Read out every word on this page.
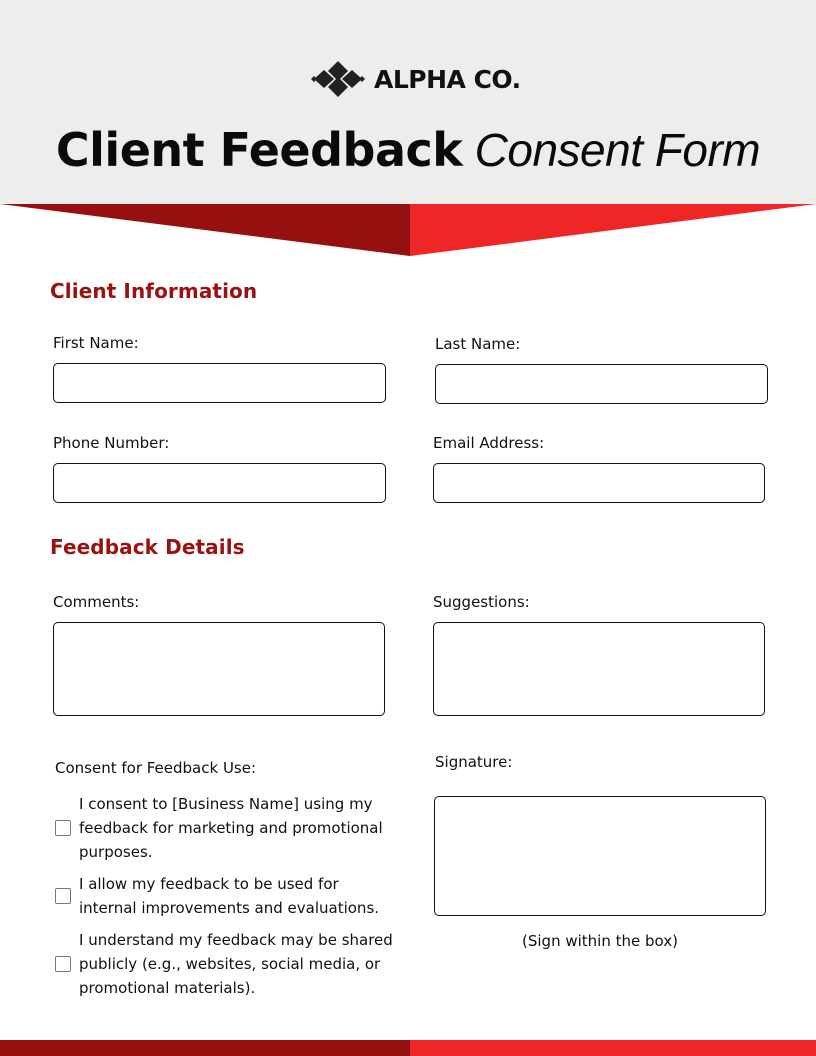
ALPHA CO.
Client Feedback Consent Form
Client Information
First Name:	Last Name:
Phone Number:	Email Address:
Feedback Details
Comments:	Suggestions:
Consent for Feedback Use:
I consent to [Business Name] using my feedback for marketing and promotional purposes.
I allow my feedback to be used for internal improvements and evaluations.
I understand my feedback may be shared publicly (e.g., websites, social media, or promotional materials).
Signature:
(Sign within the box)
